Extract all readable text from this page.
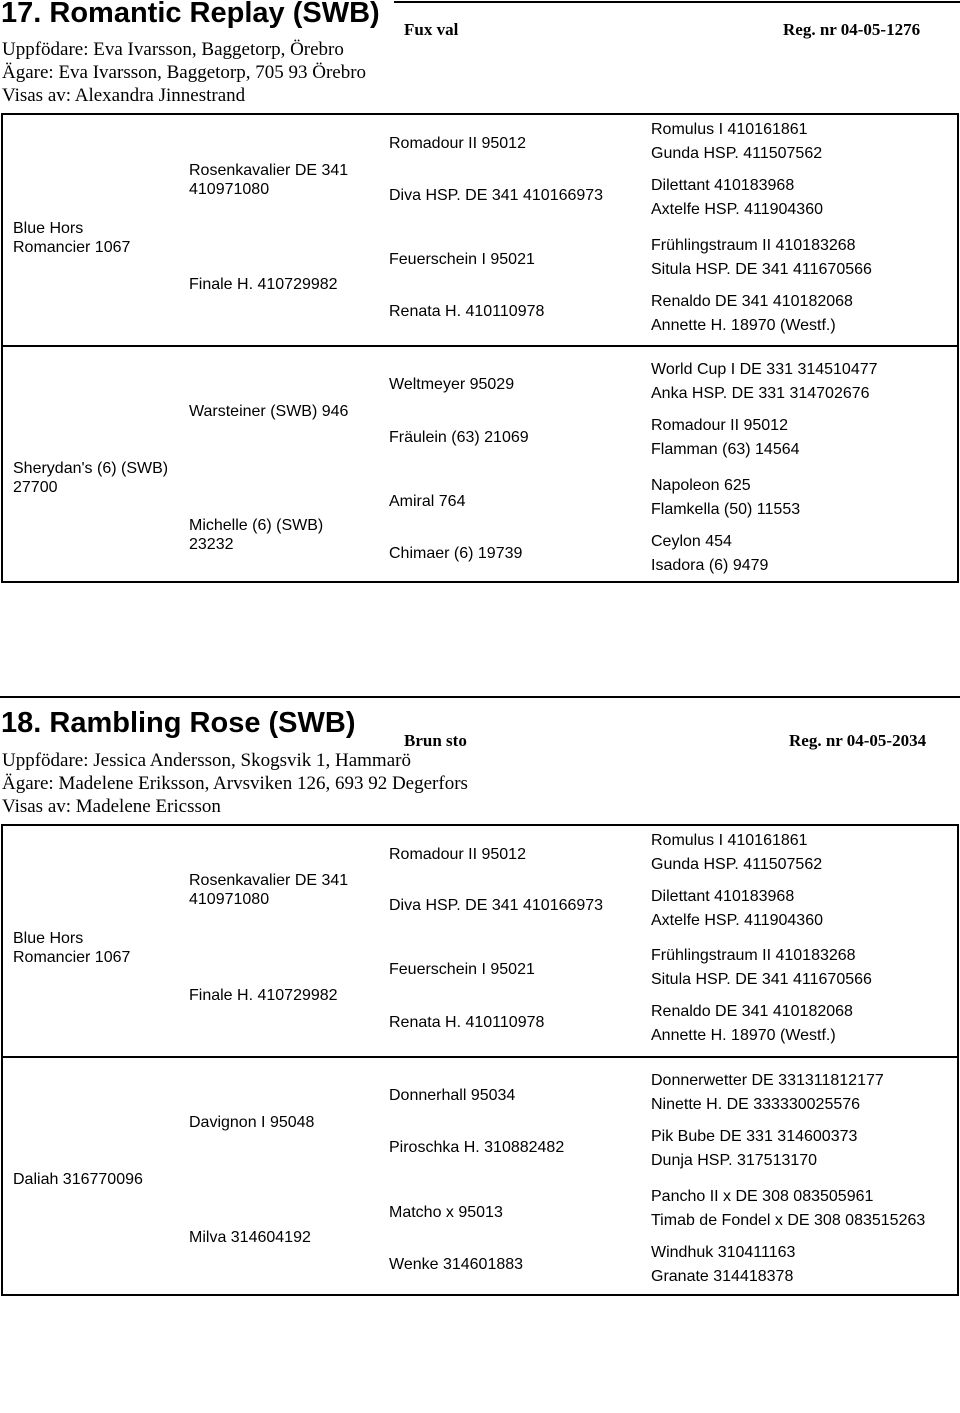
17. Romantic Replay (SWB)
Fux val	Reg. nr 04-05-1276
Uppfödare: Eva Ivarsson, Baggetorp, Örebro
Ägare: Eva Ivarsson, Baggetorp, 705 93 Örebro
Visas av: Alexandra Jinnestrand
Blue Hors
Romancier 1067
Rosenkavalier DE 341
410971080
Finale H. 410729982
Romadour II 95012
Diva HSP. DE 341 410166973
Feuerschein I 95021
Renata H. 410110978
Romulus I 410161861
Gunda HSP. 411507562
Dilettant 410183968
Axtelfe HSP. 411904360
Frühlingstraum II 410183268
Situla HSP. DE 341 411670566
Renaldo DE 341 410182068
Annette H. 18970 (Westf.)
Sherydan's (6) (SWB)
27700
Warsteiner (SWB) 946
Michelle (6) (SWB)
23232
Weltmeyer 95029
Fräulein (63) 21069
Amiral 764
Chimaer (6) 19739
World Cup I DE 331 314510477
Anka HSP. DE 331 314702676
Romadour II 95012
Flamman (63) 14564
Napoleon 625
Flamkella (50) 11553
Ceylon 454
Isadora (6) 9479
18. Rambling Rose (SWB)
Brun sto	Reg. nr 04-05-2034
Uppfödare: Jessica Andersson, Skogsvik 1, Hammarö
Ägare: Madelene Eriksson, Arvsviken 126, 693 92 Degerfors
Visas av: Madelene Ericsson
Blue Hors
Romancier 1067
Rosenkavalier DE 341
410971080
Finale H. 410729982
Romadour II 95012
Diva HSP. DE 341 410166973
Feuerschein I 95021
Renata H. 410110978
Romulus I 410161861
Gunda HSP. 411507562
Dilettant 410183968
Axtelfe HSP. 411904360
Frühlingstraum II 410183268
Situla HSP. DE 341 411670566
Renaldo DE 341 410182068
Annette H. 18970 (Westf.)
Daliah 316770096
Davignon I 95048
Milva 314604192
Donnerhall 95034
Piroschka H. 310882482
Matcho x 95013
Wenke 314601883
Donnerwetter DE 331311812177
Ninette H. DE 333330025576
Pik Bube DE 331 314600373
Dunja HSP. 317513170
Pancho II x DE 308 083505961
Timab de Fondel x DE 308 083515263
Windhuk 310411163
Granate 314418378
